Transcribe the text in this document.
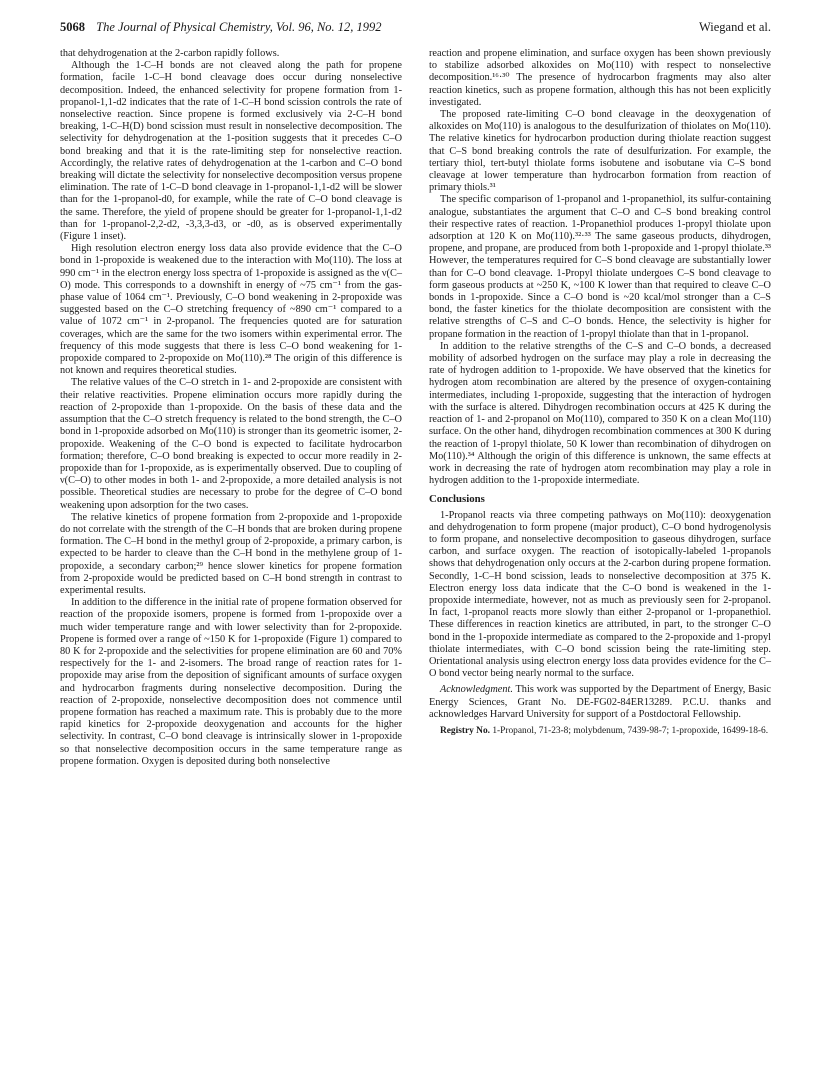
5068 The Journal of Physical Chemistry, Vol. 96, No. 12, 1992	Wiegand et al.

that dehydrogenation at the 2-carbon rapidly follows.

Although the 1-C–H bonds are not cleaved along the path for propene formation, facile 1-C–H bond cleavage does occur during nonselective decomposition. Indeed, the enhanced selectivity for propene formation from 1-propanol-1,1-d2 indicates that the rate of 1-C–H bond scission controls the rate of nonselective reaction. Since propene is formed exclusively via 2-C–H bond breaking, 1-C–H(D) bond scission must result in nonselective decomposition. The selectivity for dehydrogenation at the 1-position suggests that it precedes C–O bond breaking and that it is the rate-limiting step for nonselective reaction. Accordingly, the relative rates of dehydrogenation at the 1-carbon and C–O bond breaking will dictate the selectivity for nonselective decomposition versus propene elimination. The rate of 1-C–D bond cleavage in 1-propanol-1,1-d2 will be slower than for the 1-propanol-d0, for example, while the rate of C–O bond cleavage is the same. Therefore, the yield of propene should be greater for 1-propanol-1,1-d2 than for 1-propanol-2,2-d2, -3,3,3-d3, or -d0, as is observed experimentally (Figure 1 inset).

High resolution electron energy loss data also provide evidence that the C–O bond in 1-propoxide is weakened due to the interaction with Mo(110). The loss at 990 cm⁻¹ in the electron energy loss spectra of 1-propoxide is assigned as the ν(C–O) mode. This corresponds to a downshift in energy of ~75 cm⁻¹ from the gas-phase value of 1064 cm⁻¹. Previously, C–O bond weakening in 2-propoxide was suggested based on the C–O stretching frequency of ~890 cm⁻¹ compared to a value of 1072 cm⁻¹ in 2-propanol. The frequencies quoted are for saturation coverages, which are the same for the two isomers within experimental error. The frequency of this mode suggests that there is less C–O bond weakening for 1-propoxide compared to 2-propoxide on Mo(110).²⁸ The origin of this difference is not known and requires theoretical studies.

The relative values of the C–O stretch in 1- and 2-propoxide are consistent with their relative reactivities. Propene elimination occurs more rapidly during the reaction of 2-propoxide than 1-propoxide. On the basis of these data and the assumption that the C–O stretch frequency is related to the bond strength, the C–O bond in 1-propoxide adsorbed on Mo(110) is stronger than its geometric isomer, 2-propoxide. Weakening of the C–O bond is expected to facilitate hydrocarbon formation; therefore, C–O bond breaking is expected to occur more readily in 2-propoxide than for 1-propoxide, as is experimentally observed. Due to coupling of ν(C–O) to other modes in both 1- and 2-propoxide, a more detailed analysis is not possible. Theoretical studies are necessary to probe for the degree of C–O bond weakening upon adsorption for the two cases.

The relative kinetics of propene formation from 2-propoxide and 1-propoxide do not correlate with the strength of the C–H bonds that are broken during propene formation. The C–H bond in the methyl group of 2-propoxide, a primary carbon, is expected to be harder to cleave than the C–H bond in the methylene group of 1-propoxide, a secondary carbon;²⁹ hence slower kinetics for propene formation from 2-propoxide would be predicted based on C–H bond strength in contrast to experimental results.

In addition to the difference in the initial rate of propene formation observed for reaction of the propoxide isomers, propene is formed from 1-propoxide over a much wider temperature range and with lower selectivity than for 2-propoxide. Propene is formed over a range of ~150 K for 1-propoxide (Figure 1) compared to 80 K for 2-propoxide and the selectivities for propene elimination are 60 and 70% respectively for the 1- and 2-isomers. The broad range of reaction rates for 1-propoxide may arise from the deposition of significant amounts of surface oxygen and hydrocarbon fragments during nonselective decomposition. During the reaction of 2-propoxide, nonselective decomposition does not commence until propene formation has reached a maximum rate. This is probably due to the more rapid kinetics for 2-propoxide deoxygenation and accounts for the higher selectivity. In contrast, C–O bond cleavage is intrinsically slower in 1-propoxide so that nonselective decomposition occurs in the same temperature range as propene formation. Oxygen is deposited during both nonselective

reaction and propene elimination, and surface oxygen has been shown previously to stabilize adsorbed alkoxides on Mo(110) with respect to nonselective decomposition.¹⁶·³⁰ The presence of hydrocarbon fragments may also alter reaction kinetics, such as propene formation, although this has not been explicitly investigated.

The proposed rate-limiting C–O bond cleavage in the deoxygenation of alkoxides on Mo(110) is analogous to the desulfurization of thiolates on Mo(110). The relative kinetics for hydrocarbon production during thiolate reaction suggest that C–S bond breaking controls the rate of desulfurization. For example, the tertiary thiol, tert-butyl thiolate forms isobutene and isobutane via C–S bond cleavage at lower temperature than hydrocarbon formation from reaction of primary thiols.³¹

The specific comparison of 1-propanol and 1-propanethiol, its sulfur-containing analogue, substantiates the argument that C–O and C–S bond breaking control their respective rates of reaction. 1-Propanethiol produces 1-propyl thiolate upon adsorption at 120 K on Mo(110).³²·³³ The same gaseous products, dihydrogen, propene, and propane, are produced from both 1-propoxide and 1-propyl thiolate.³³ However, the temperatures required for C–S bond cleavage are substantially lower than for C–O bond cleavage. 1-Propyl thiolate undergoes C–S bond cleavage to form gaseous products at ~250 K, ~100 K lower than that required to cleave C–O bonds in 1-propoxide. Since a C–O bond is ~20 kcal/mol stronger than a C–S bond, the faster kinetics for the thiolate decomposition are consistent with the relative strengths of C–S and C–O bonds. Hence, the selectivity is higher for propane formation in the reaction of 1-propyl thiolate than that in 1-propanol.

In addition to the relative strengths of the C–S and C–O bonds, a decreased mobility of adsorbed hydrogen on the surface may play a role in decreasing the rate of hydrogen addition to 1-propoxide. We have observed that the kinetics for hydrogen atom recombination are altered by the presence of oxygen-containing intermediates, including 1-propoxide, suggesting that the interaction of hydrogen with the surface is altered. Dihydrogen recombination occurs at 425 K during the reaction of 1- and 2-propanol on Mo(110), compared to 350 K on a clean Mo(110) surface. On the other hand, dihydrogen recombination commences at 300 K during the reaction of 1-propyl thiolate, 50 K lower than recombination of dihydrogen on Mo(110).³⁴ Although the origin of this difference is unknown, the same effects at work in decreasing the rate of hydrogen atom recombination may play a role in hydrogen addition to the 1-propoxide intermediate.

Conclusions

1-Propanol reacts via three competing pathways on Mo(110): deoxygenation and dehydrogenation to form propene (major product), C–O bond hydrogenolysis to form propane, and nonselective decomposition to gaseous dihydrogen, surface carbon, and surface oxygen. The reaction of isotopically-labeled 1-propanols shows that dehydrogenation only occurs at the 2-carbon during propene formation. Secondly, 1-C–H bond scission, leads to nonselective decomposition at 375 K. Electron energy loss data indicate that the C–O bond is weakened in the 1-propoxide intermediate, however, not as much as previously seen for 2-propanol. In fact, 1-propanol reacts more slowly than either 2-propanol or 1-propanethiol. These differences in reaction kinetics are attributed, in part, to the stronger C–O bond in the 1-propoxide intermediate as compared to the 2-propoxide and 1-propyl thiolate intermediates, with C–O bond scission being the rate-limiting step. Orientational analysis using electron energy loss data provides evidence for the C–O bond vector being nearly normal to the surface.

Acknowledgment. This work was supported by the Department of Energy, Basic Energy Sciences, Grant No. DE-FG02-84ER13289. P.C.U. thanks and acknowledges Harvard University for support of a Postdoctoral Fellowship.

Registry No. 1-Propanol, 71-23-8; molybdenum, 7439-98-7; 1-propoxide, 16499-18-6.
